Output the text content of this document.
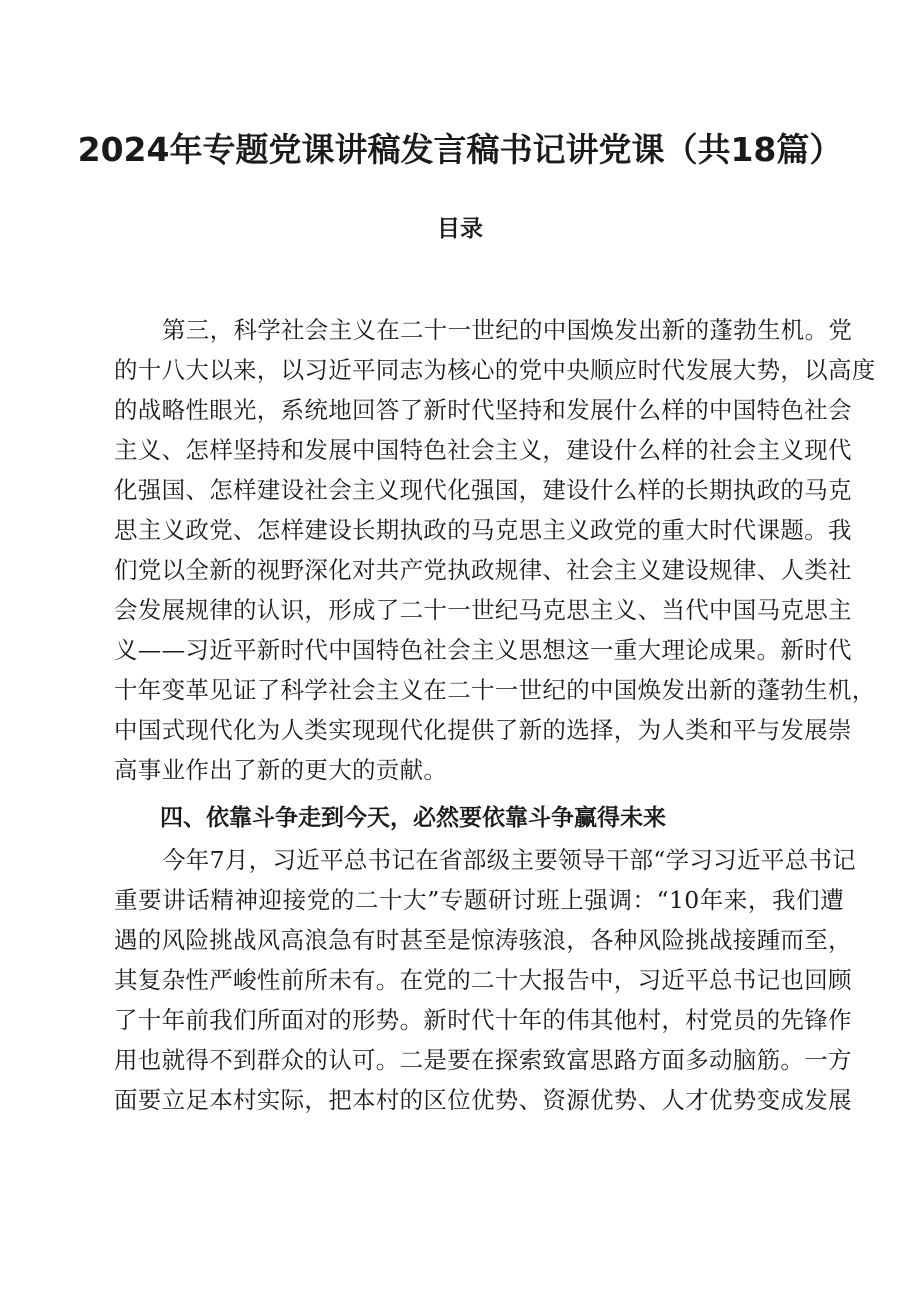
2024年专题党课讲稿发言稿书记讲党课（共18篇）
目录
第三，科学社会主义在二十一世纪的中国焕发出新的蓬勃生机。党
的十八大以来，以习近平同志为核心的党中央顺应时代发展大势，以高度
的战略性眼光，系统地回答了新时代坚持和发展什么样的中国特色社会
主义、怎样坚持和发展中国特色社会主义，建设什么样的社会主义现代
化强国、怎样建设社会主义现代化强国，建设什么样的长期执政的马克
思主义政党、怎样建设长期执政的马克思主义政党的重大时代课题。我
们党以全新的视野深化对共产党执政规律、社会主义建设规律、人类社
会发展规律的认识，形成了二十一世纪马克思主义、当代中国马克思主
义——习近平新时代中国特色社会主义思想这一重大理论成果。新时代
十年变革见证了科学社会主义在二十一世纪的中国焕发出新的蓬勃生机，
中国式现代化为人类实现现代化提供了新的选择，为人类和平与发展崇
高事业作出了新的更大的贡献。
四、依靠斗争走到今天，必然要依靠斗争赢得未来
今年7月，习近平总书记在省部级主要领导干部“学习习近平总书记
重要讲话精神迎接党的二十大”专题研讨班上强调：“10年来，我们遭
遇的风险挑战风高浪急有时甚至是惊涛骇浪，各种风险挑战接踵而至，
其复杂性严峻性前所未有。在党的二十大报告中，习近平总书记也回顾
了十年前我们所面对的形势。新时代十年的伟其他村，村党员的先锋作
用也就得不到群众的认可。二是要在探索致富思路方面多动脑筋。一方
面要立足本村实际，把本村的区位优势、资源优势、人才优势变成发展
